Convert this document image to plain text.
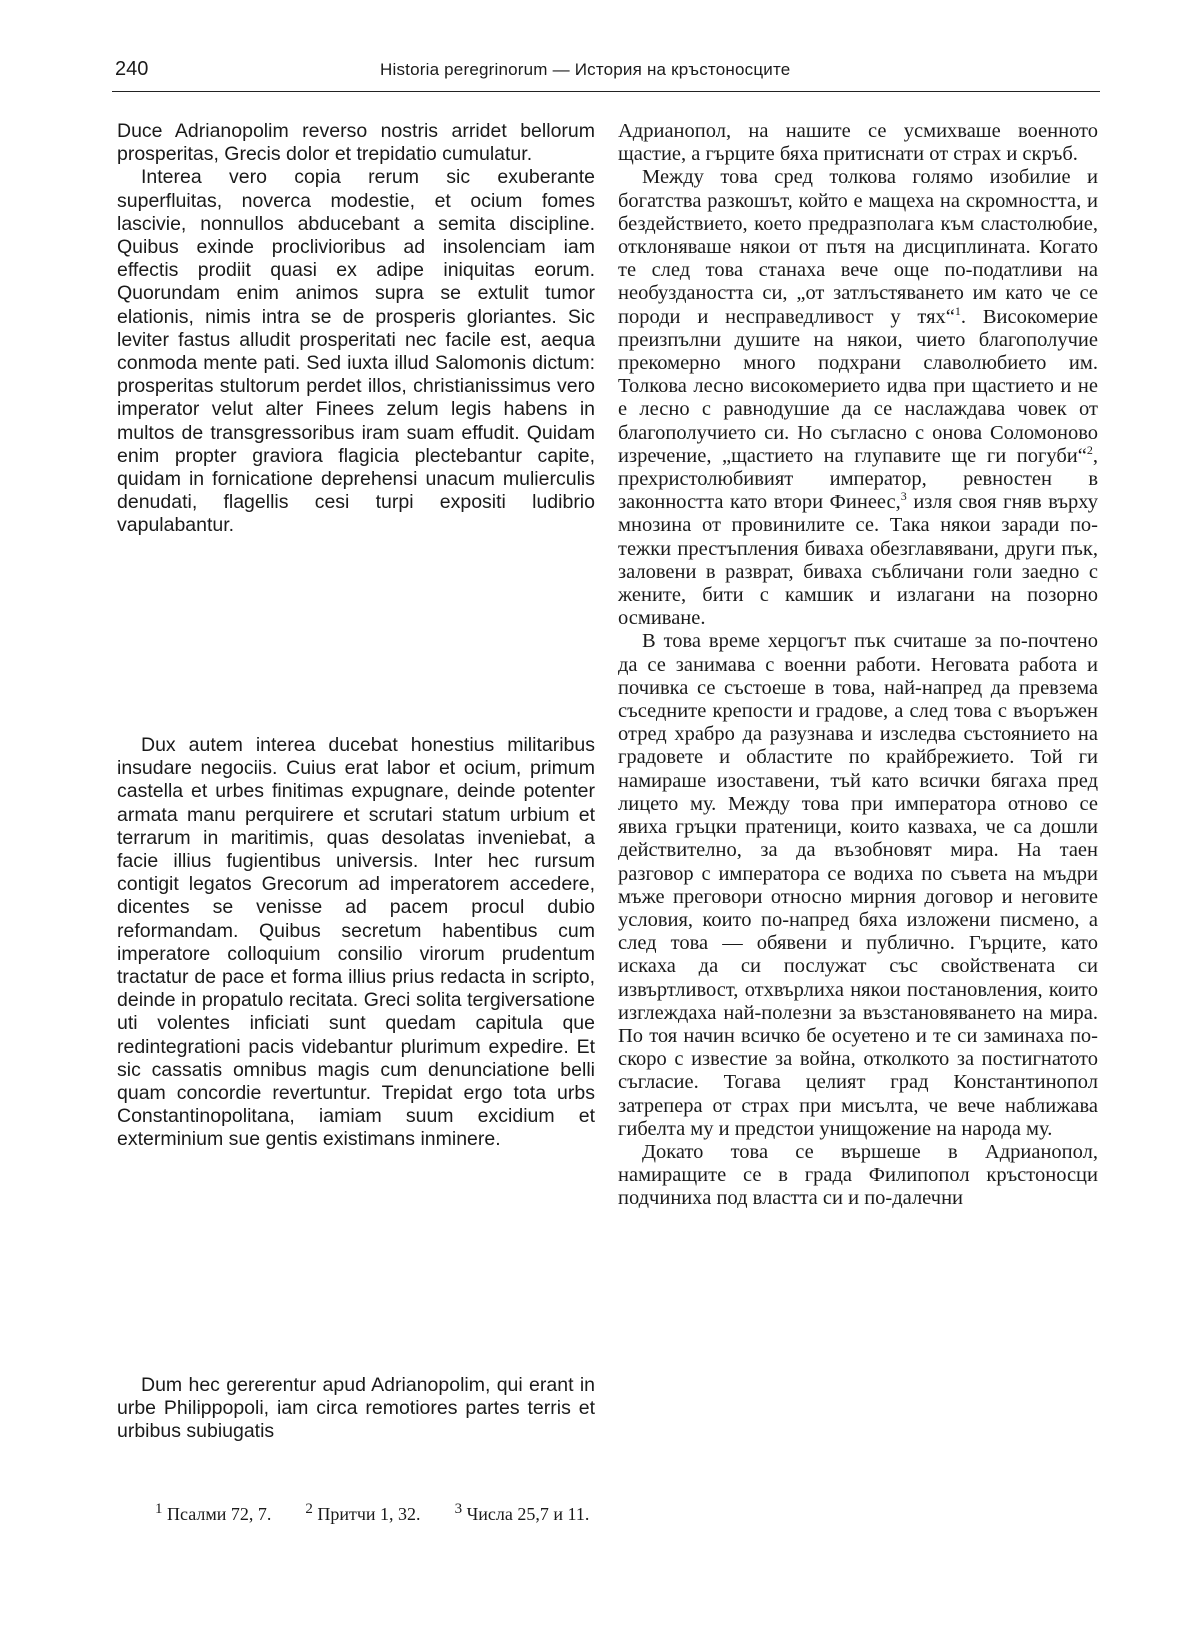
240	Historia peregrinorum — История на кръстоносците

Duce Adrianopolim reverso nostris arridet bellorum prosperitas, Grecis dolor et trepidatio cumulatur.

Interea vero copia rerum sic exuberante superfluitas, noverca modestie, et ocium fomes lascivie, nonnullos abducebant a semita discipline. Quibus exinde proclivioribus ad insolenciam iam effectis prodiit quasi ex adipe iniquitas eorum. Quorundam enim animos supra se extulit tumor elationis, nimis intra se de prosperis gloriantes. Sic leviter fastus alludit prosperitati nec facile est, aequa conmoda mente pati. Sed iuxta illud Salomonis dictum: prosperitas stultorum perdet illos, christianissimus vero imperator velut alter Finees zelum legis habens in multos de transgressoribus iram suam effudit. Quidam enim propter graviora flagicia plectebantur capite, quidam in fornicatione deprehensi unacum mulierculis denudati, flagellis cesi turpi expositi ludibrio vapulabantur.

Dux autem interea ducebat honestius militaribus insudare negociis. Cuius erat labor et ocium, primum castella et urbes finitimas expugnare, deinde potenter armata manu perquirere et scrutari statum urbium et terrarum in maritimis, quas desolatas inveniebat, a facie illius fugientibus universis. Inter hec rursum contigit legatos Grecorum ad imperatorem accedere, dicentes se venisse ad pacem procul dubio reformandam. Quibus secretum habentibus cum imperatore colloquium consilio virorum prudentum tractatur de pace et forma illius prius redacta in scripto, deinde in propatulo recitata. Greci solita tergiversatione uti volentes inficiati sunt quedam capitula que redintegrationi pacis videbantur plurimum expedire. Et sic cassatis omnibus magis cum denunciatione belli quam concordie revertuntur. Trepidat ergo tota urbs Constantinopolitana, iamiam suum excidium et exterminium sue gentis existimans inminere.

Dum hec gererentur apud Adrianopolim, qui erant in urbe Philippopoli, iam circa remotiores partes terris et urbibus subiugatis

Адрианопол, на нашите се усмихваше военното щастие, а гърците бяха притиснати от страх и скръб.

Между това сред толкова голямо изобилие и богатства разкошът, който е мащеха на скромността, и бездействието, което предразполага към сластолюбие, отклоняваше някои от пътя на дисциплината. Когато те след това станаха вече още по-податливи на необуздаността си, „от затлъстяването им като че се породи и несправедливост у тях“$^1$. Високомерие преизпълни душите на някои, чието благополучие прекомерно много подхрани славолюбието им. Толкова лесно високомерието идва при щастието и не е лесно с равнодушие да се наслаждава човек от благополучието си. Но съгласно с онова Соломоново изречение, „щастието на глупавите ще ги погуби“$^2$, прехристолюбивият император, ревностен в законността като втори Финеес,$^3$ изля своя гняв върху мнозина от провинилите се. Така някои заради по-тежки престъпления биваха обезглавявани, други пък, заловени в разврат, биваха събличани голи заедно с жените, бити с камшик и излагани на позорно осмиване.

В това време херцогът пък считаше за по-почтено да се занимава с военни работи. Неговата работа и почивка се състоеше в това, най-напред да превзема съседните крепости и градове, а след това с въоръжен отред храбро да разузнава и изследва състоянието на градовете и областите по крайбрежието. Той ги намираше изоставени, тъй като всички бягаха пред лицето му. Между това при императора отново се явиха гръцки пратеници, които казваха, че са дошли действително, за да възобновят мира. На таен разговор с императора се водиха по съвета на мъдри мъже преговори относно мирния договор и неговите условия, които по-напред бяха изложени писмено, а след това — обявени и публично. Гърците, като искаха да си послужат със свойствената си извъртливост, отхвърлиха някои постановления, които изглеждаха най-полезни за възстановяването на мира. По тоя начин всичко бе осуетено и те си заминаха по-скоро с известие за война, отколкото за постигнатото съгласие. Тогава целият град Константинопол затрепера от страх при мисълта, че вече наближава гибелта му и предстои унищожение на народа му.

Докато това се вършеше в Адрианопол, намиращите се в града Филипопол кръстоносци подчиниха под властта си и по-далечни

$^1$ Псалми 72, 7. $^2$ Притчи 1, 32. $^3$ Числа 25,7 и 11.
